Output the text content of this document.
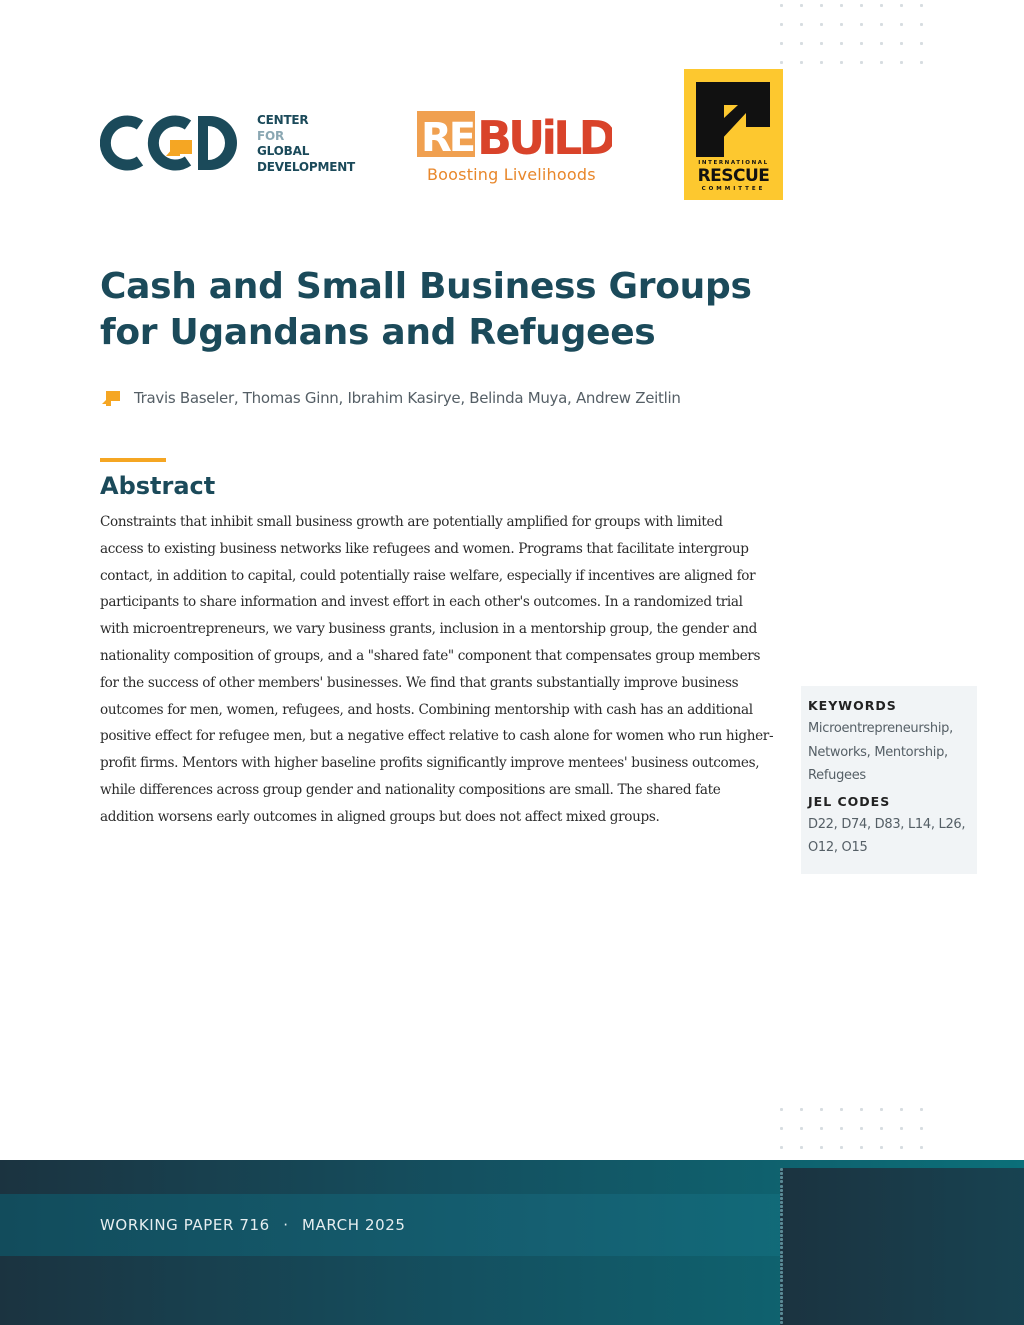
CENTER
FOR
GLOBAL
DEVELOPMENT
RE BUiLD
Boosting Livelihoods
INTERNATIONAL
RESCUE
COMMITTEE
Cash and Small Business Groups
for Ugandans and Refugees
Travis Baseler, Thomas Ginn, Ibrahim Kasirye, Belinda Muya, Andrew Zeitlin
Abstract
Constraints that inhibit small business growth are potentially amplified for groups with limited
access to existing business networks like refugees and women. Programs that facilitate intergroup
contact, in addition to capital, could potentially raise welfare, especially if incentives are aligned for
participants to share information and invest effort in each other's outcomes. In a randomized trial
with microentrepreneurs, we vary business grants, inclusion in a mentorship group, the gender and
nationality composition of groups, and a "shared fate" component that compensates group members
for the success of other members' businesses. We find that grants substantially improve business
outcomes for men, women, refugees, and hosts. Combining mentorship with cash has an additional
positive effect for refugee men, but a negative effect relative to cash alone for women who run higher-
profit firms. Mentors with higher baseline profits significantly improve mentees' business outcomes,
while differences across group gender and nationality compositions are small. The shared fate
addition worsens early outcomes in aligned groups but does not affect mixed groups.
KEYWORDS
Microentrepreneurship,
Networks, Mentorship,
Refugees
JEL CODES
D22, D74, D83, L14, L26,
O12, O15
WORKING PAPER 716 · MARCH 2025
